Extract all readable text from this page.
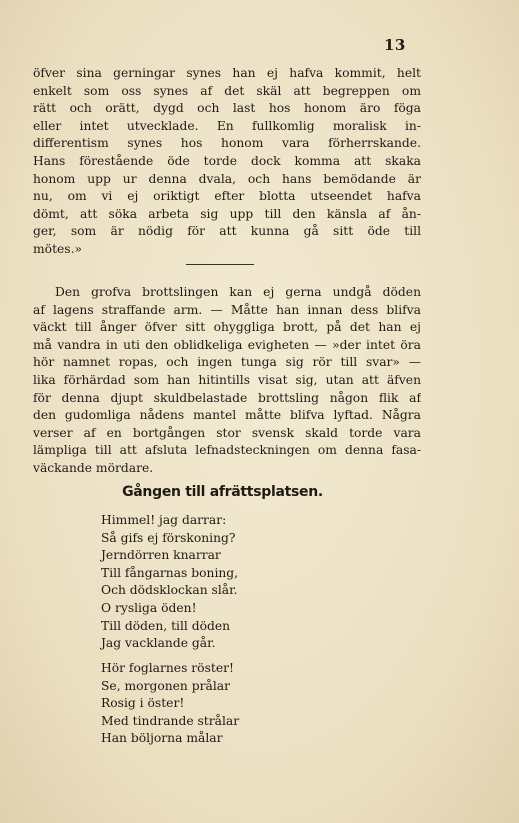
13

öfver sina gerningar synes han ej hafva kommit, helt
enkelt som oss synes af det skäl att begreppen om
rätt och orätt, dygd och last hos honom äro föga
eller intet utvecklade. En fullkomlig moralisk in-
differentism synes hos honom vara förherrskande.
Hans förestående öde torde dock komma att skaka
honom upp ur denna dvala, och hans bemödande är
nu, om vi ej oriktigt efter blotta utseendet hafva
dömt, att söka arbeta sig upp till den känsla af ån-
ger, som är nödig för att kunna gå sitt öde till
mötes.»

Den grofva brottslingen kan ej gerna undgå döden
af lagens straffande arm. — Måtte han innan dess blifva
väckt till ånger öfver sitt ohyggliga brott, på det han ej
må vandra in uti den oblidkeliga evigheten — »der intet öra
hör namnet ropas, och ingen tunga sig rör till svar» —
lika förhärdad som han hitintills visat sig, utan att äfven
för denna djupt skuldbelastade brottsling någon flik af
den gudomliga nådens mantel måtte blifva lyftad. Några
verser af en bortgången stor svensk skald torde vara
lämpliga till att afsluta lefnadsteckningen om denna fasa-
väckande mördare.

Gången till afrättsplatsen.
Himmel! jag darrar:
Så gifs ej förskoning?
Jerndörren knarrar
Till fångarnas boning,
Och dödsklockan slår.
O rysliga öden!
Till döden, till döden
Jag vacklande går.
Hör foglarnes röster!
Se, morgonen prålar
Rosig i öster!
Med tindrande strålar
Han böljorna målar
